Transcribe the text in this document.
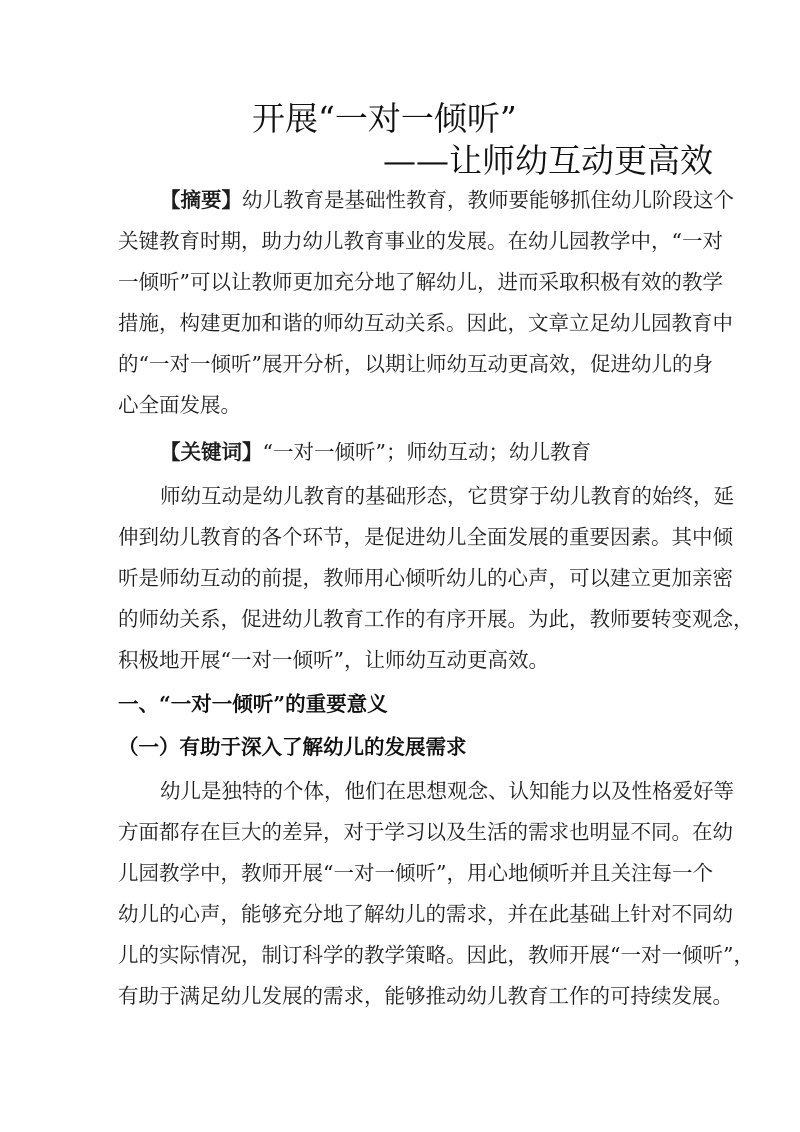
开展“一对一倾听”
——让师幼互动更高效
【摘要】幼儿教育是基础性教育，教师要能够抓住幼儿阶段这个
关键教育时期，助力幼儿教育事业的发展。在幼儿园教学中，“一对
一倾听”可以让教师更加充分地了解幼儿，进而采取积极有效的教学
措施，构建更加和谐的师幼互动关系。因此，文章立足幼儿园教育中
的“一对一倾听”展开分析，以期让师幼互动更高效，促进幼儿的身
心全面发展。
【关键词】“一对一倾听”；师幼互动；幼儿教育
师幼互动是幼儿教育的基础形态，它贯穿于幼儿教育的始终，延
伸到幼儿教育的各个环节，是促进幼儿全面发展的重要因素。其中倾
听是师幼互动的前提，教师用心倾听幼儿的心声，可以建立更加亲密
的师幼关系，促进幼儿教育工作的有序开展。为此，教师要转变观念，
积极地开展“一对一倾听”，让师幼互动更高效。
一、“一对一倾听”的重要意义
（一）有助于深入了解幼儿的发展需求
幼儿是独特的个体，他们在思想观念、认知能力以及性格爱好等
方面都存在巨大的差异，对于学习以及生活的需求也明显不同。在幼
儿园教学中，教师开展“一对一倾听”，用心地倾听并且关注每一个
幼儿的心声，能够充分地了解幼儿的需求，并在此基础上针对不同幼
儿的实际情况，制订科学的教学策略。因此，教师开展“一对一倾听”，
有助于满足幼儿发展的需求，能够推动幼儿教育工作的可持续发展。
